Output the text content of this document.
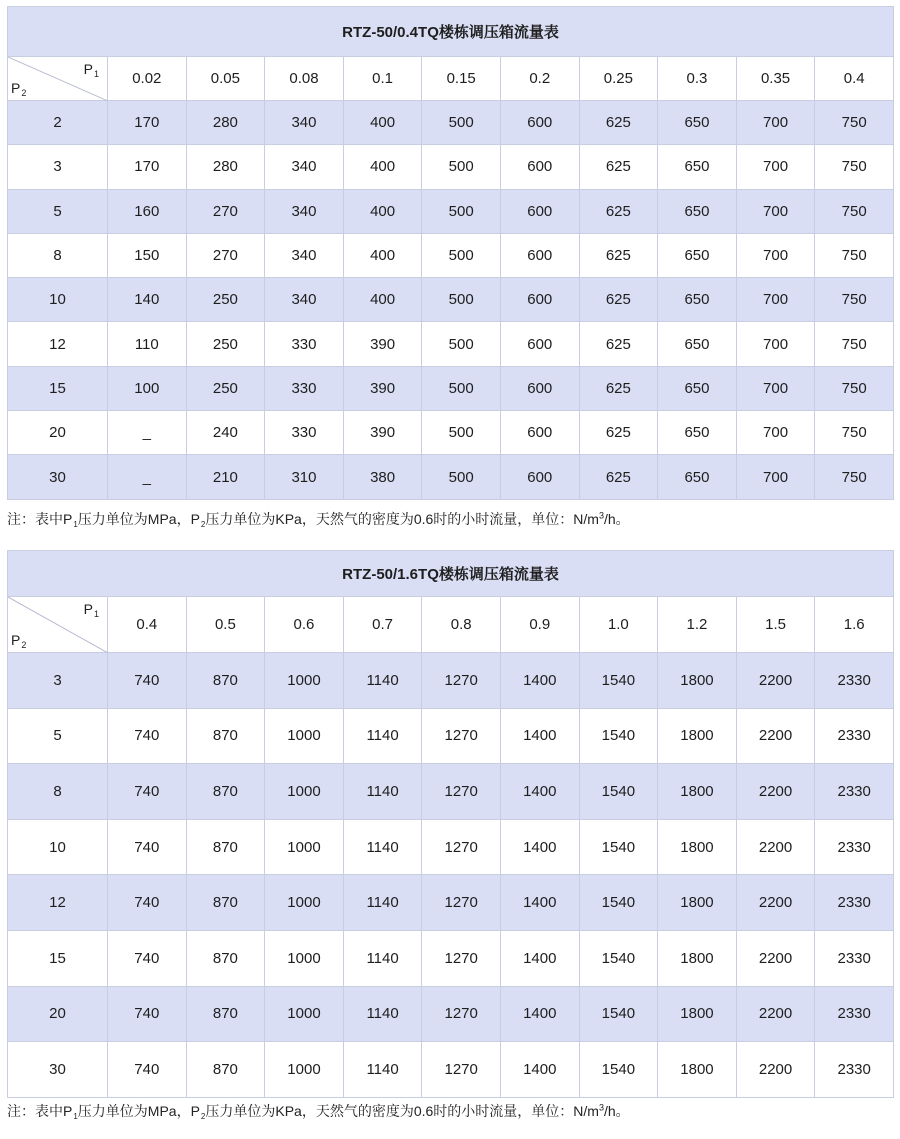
RTZ-50/0.4TQ楼栋调压箱流量表										

$P_1$
$P_2$	0.02	0.05	0.08	0.1	0.15	0.2	0.25	0.3	0.35	0.4
2	170	280	340	400	500	600	625	650	700	750
3	170	280	340	400	500	600	625	650	700	750
5	160	270	340	400	500	600	625	650	700	750
8	150	270	340	400	500	600	625	650	700	750
10	140	250	340	400	500	600	625	650	700	750
12	110	250	330	390	500	600	625	650	700	750
15	100	250	330	390	500	600	625	650	700	750
20	_	240	330	390	500	600	625	650	700	750
30	_	210	310	380	500	600	625	650	700	750
注：表中$P_1$压力单位为MPa，$P_2$压力单位为KPa，天然气的密度为0.6时的小时流量，单位：$N/m^3/h$。
RTZ-50/1.6TQ楼栋调压箱流量表										

$P_1$
$P_2$	0.4	0.5	0.6	0.7	0.8	0.9	1.0	1.2	1.5	1.6
3	740	870	1000	1140	1270	1400	1540	1800	2200	2330
5	740	870	1000	1140	1270	1400	1540	1800	2200	2330
8	740	870	1000	1140	1270	1400	1540	1800	2200	2330
10	740	870	1000	1140	1270	1400	1540	1800	2200	2330
12	740	870	1000	1140	1270	1400	1540	1800	2200	2330
15	740	870	1000	1140	1270	1400	1540	1800	2200	2330
20	740	870	1000	1140	1270	1400	1540	1800	2200	2330
30	740	870	1000	1140	1270	1400	1540	1800	2200	2330
注：表中$P_1$压力单位为MPa，$P_2$压力单位为KPa，天然气的密度为0.6时的小时流量，单位：$N/m^3/h$。
